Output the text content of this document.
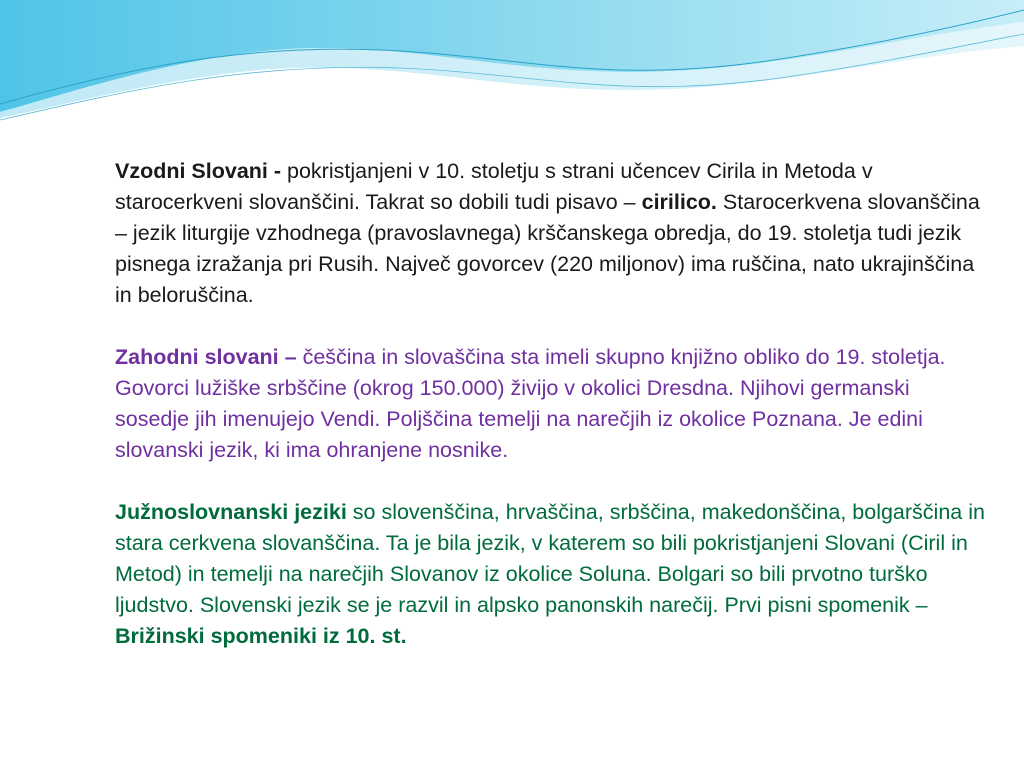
Vzodni Slovani - pokristjanjeni v 10. stoletju s strani učencev Cirila in Metoda v starocerkveni slovanščini. Takrat so dobili tudi pisavo – cirilico. Starocerkvena slovanščina – jezik liturgije vzhodnega (pravoslavnega) krščanskega obredja, do 19. stoletja tudi jezik pisnega izražanja pri Rusih. Največ govorcev (220 miljonov) ima ruščina, nato ukrajinščina in beloruščina.

Zahodni slovani – češčina in slovaščina sta imeli skupno knjižno obliko do 19. stoletja. Govorci lužiške srbščine (okrog 150.000) živijo v okolici Dresdna. Njihovi germanski sosedje jih imenujejo Vendi. Poljščina temelji na narečjih iz okolice Poznana. Je edini slovanski jezik, ki ima ohranjene nosnike.

Južnoslovnanski jeziki so slovenščina, hrvaščina, srbščina, makedonščina, bolgarščina in stara cerkvena slovanščina. Ta je bila jezik, v katerem so bili pokristjanjeni Slovani (Ciril in Metod) in temelji na narečjih Slovanov iz okolice Soluna. Bolgari so bili prvotno turško ljudstvo. Slovenski jezik se je razvil in alpsko panonskih narečij. Prvi pisni spomenik – Brižinski spomeniki iz 10. st.
